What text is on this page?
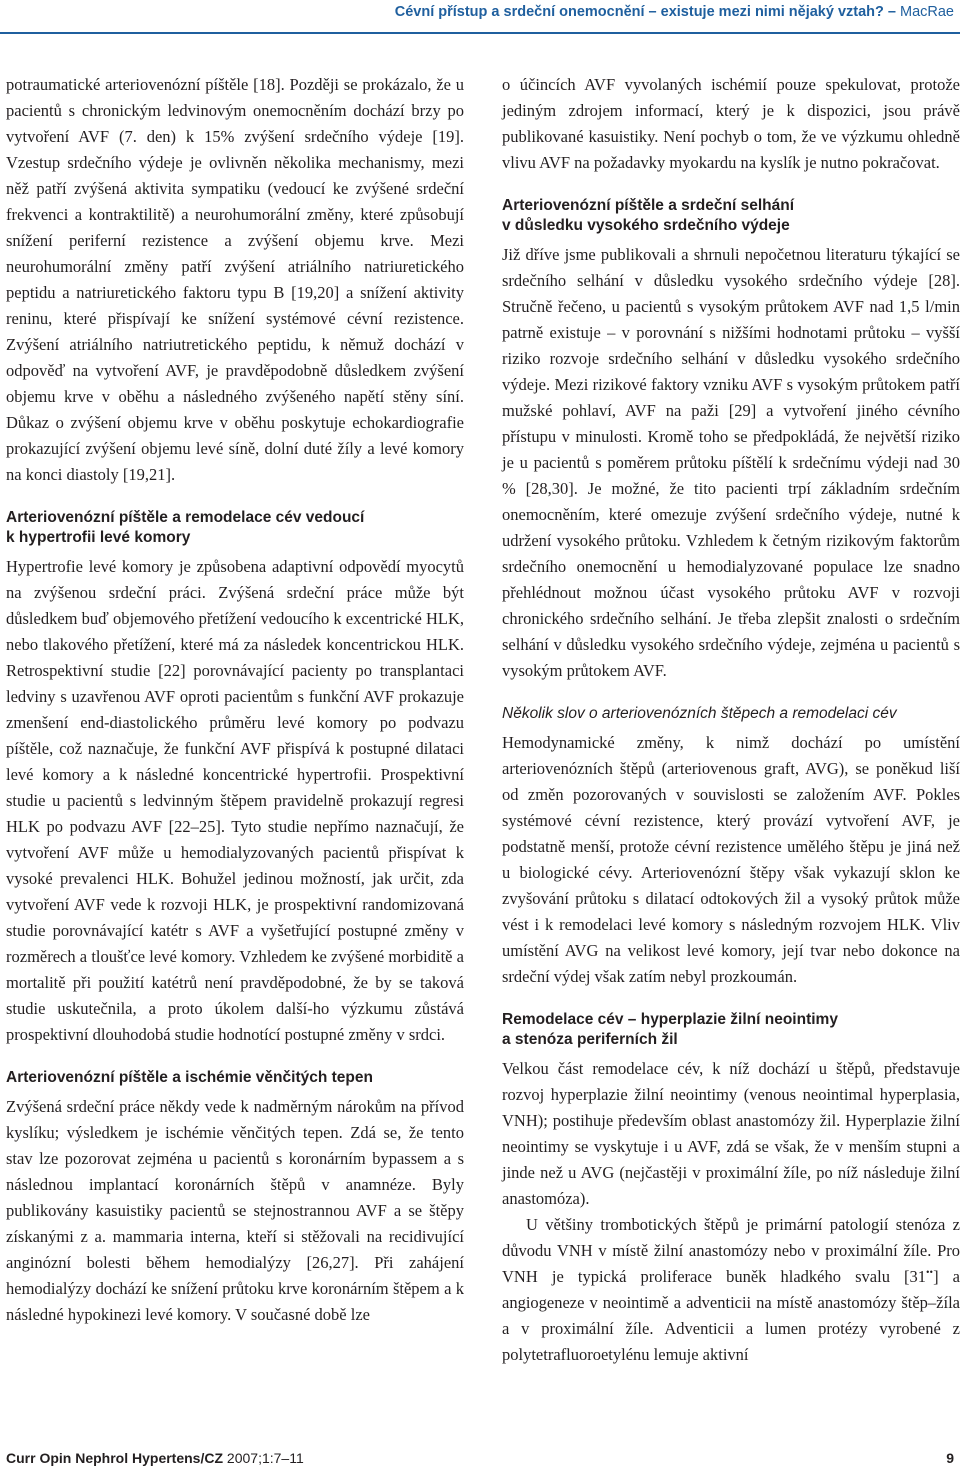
Cévní přístup a srdeční onemocnění – existuje mezi nimi nějaký vztah? – MacRae

potraumatické arteriovenózní píštěle [18]. Později se prokázalo, že u pacientů s chronickým ledvinovým onemocněním dochází brzy po vytvoření AVF (7. den) k 15% zvýšení srdečního výdeje [19]. Vzestup srdečního výdeje je ovlivněn několika mechanismy, mezi něž patří zvýšená aktivita sympatiku (vedoucí ke zvýšené srdeční frekvenci a kontraktilitě) a neurohumorální změny, které způsobují snížení periferní rezistence a zvýšení objemu krve. Mezi neurohumorální změny patří zvýšení atriálního natriuretického peptidu a natriuretického faktoru typu B [19,20] a snížení aktivity reninu, které přispívají ke snížení systémové cévní rezistence. Zvýšení atriálního natriutretického peptidu, k němuž dochází v odpověď na vytvoření AVF, je pravděpodobně důsledkem zvýšení objemu krve v oběhu a následného zvýšeného napětí stěny síní. Důkaz o zvýšení objemu krve v oběhu poskytuje echokardiografie prokazující zvýšení objemu levé síně, dolní duté žíly a levé komory na konci diastoly [19,21].

Arteriovenózní píštěle a remodelace cév vedoucí
k hypertrofii levé komory

Hypertrofie levé komory je způsobena adaptivní odpovědí myocytů na zvýšenou srdeční práci. Zvýšená srdeční práce může být důsledkem buď objemového přetížení vedoucího k excentrické HLK, nebo tlakového přetížení, které má za následek koncentrickou HLK. Retrospektivní studie [22] porovnávající pacienty po transplantaci ledviny s uzavřenou AVF oproti pacientům s funkční AVF prokazuje zmenšení end-diastolického průměru levé komory po podvazu píštěle, což naznačuje, že funkční AVF přispívá k postupné dilataci levé komory a k následné koncentrické hypertrofii. Prospektivní studie u pacientů s ledvinným štěpem pravidelně prokazují regresi HLK po podvazu AVF [22–25]. Tyto studie nepřímo naznačují, že vytvoření AVF může u hemodialyzovaných pacientů přispívat k vysoké prevalenci HLK. Bohužel jedinou možností, jak určit, zda vytvoření AVF vede k rozvoji HLK, je prospektivní randomizovaná studie porovnávající katétr s AVF a vyšetřující postupné změny v rozměrech a tloušťce levé komory. Vzhledem ke zvýšené morbiditě a mortalitě při použití katétrů není pravděpodobné, že by se taková studie uskutečnila, a proto úkolem další-ho výzkumu zůstává prospektivní dlouhodobá studie hodnotící postupné změny v srdci.

Arteriovenózní píštěle a ischémie věnčitých tepen

Zvýšená srdeční práce někdy vede k nadměrným nárokům na přívod kyslíku; výsledkem je ischémie věnčitých tepen. Zdá se, že tento stav lze pozorovat zejména u pacientů s koronárním bypassem a s následnou implantací koronárních štěpů v anamnéze. Byly publikovány kasuistiky pacientů se stejnostrannou AVF a se štěpy získanými z a. mammaria interna, kteří si stěžovali na recidivující anginózní bolesti během hemodialýzy [26,27]. Při zahájení hemodialýzy dochází ke snížení průtoku krve koronárním štěpem a k následné hypokinezi levé komory. V současné době lze

o účincích AVF vyvolaných ischémií pouze spekulovat, protože jediným zdrojem informací, který je k dispozici, jsou právě publikované kasuistiky. Není pochyb o tom, že ve výzkumu ohledně vlivu AVF na požadavky myokardu na kyslík je nutno pokračovat.

Arteriovenózní píštěle a srdeční selhání
v důsledku vysokého srdečního výdeje

Již dříve jsme publikovali a shrnuli nepočetnou literaturu týkající se srdečního selhání v důsledku vysokého srdečního výdeje [28]. Stručně řečeno, u pacientů s vysokým průtokem AVF nad 1,5 l/min patrně existuje – v porovnání s nižšími hodnotami průtoku – vyšší riziko rozvoje srdečního selhání v důsledku vysokého srdečního výdeje. Mezi rizikové faktory vzniku AVF s vysokým průtokem patří mužské pohlaví, AVF na paži [29] a vytvoření jiného cévního přístupu v minulosti. Kromě toho se předpokládá, že největší riziko je u pacientů s poměrem průtoku píštělí k srdečnímu výdeji nad 30 % [28,30]. Je možné, že tito pacienti trpí základním srdečním onemocněním, které omezuje zvýšení srdečního výdeje, nutné k udržení vysokého průtoku. Vzhledem k četným rizikovým faktorům srdečního onemocnění u hemodialyzované populace lze snadno přehlédnout možnou účast vysokého průtoku AVF v rozvoji chronického srdečního selhání. Je třeba zlepšit znalosti o srdečním selhání v důsledku vysokého srdečního výdeje, zejména u pacientů s vysokým průtokem AVF.

Několik slov o arteriovenózních štěpech a remodelaci cév

Hemodynamické změny, k nimž dochází po umístění arteriovenózních štěpů (arteriovenous graft, AVG), se poněkud liší od změn pozorovaných v souvislosti se založením AVF. Pokles systémové cévní rezistence, který provází vytvoření AVF, je podstatně menší, protože cévní rezistence umělého štěpu je jiná než u biologické cévy. Arteriovenózní štěpy však vykazují sklon ke zvyšování průtoku s dilatací odtokových žil a vysoký průtok může vést i k remodelaci levé komory s následným rozvojem HLK. Vliv umístění AVG na velikost levé komory, její tvar nebo dokonce na srdeční výdej však zatím nebyl prozkoumán.

Remodelace cév – hyperplazie žilní neointimy
a stenóza periferních žil

Velkou část remodelace cév, k níž dochází u štěpů, představuje rozvoj hyperplazie žilní neointimy (venous neointimal hyperplasia, VNH); postihuje především oblast anastomózy žil. Hyperplazie žilní neointimy se vyskytuje i u AVF, zdá se však, že v menším stupni a jinde než u AVG (nejčastěji v proximální žíle, po níž následuje žilní anastomóza).

U většiny trombotických štěpů je primární patologií stenóza z důvodu VNH v místě žilní anastomózy nebo v proximální žíle. Pro VNH je typická proliferace buněk hladkého svalu [31••] a angiogeneze v neointimě a adventicii na místě anastomózy štěp–žíla a v proximální žíle. Adventicii a lumen protézy vyrobené z polytetrafluoroetylénu lemuje aktivní

Curr Opin Nephrol Hypertens/CZ 2007;1:7–11	9
